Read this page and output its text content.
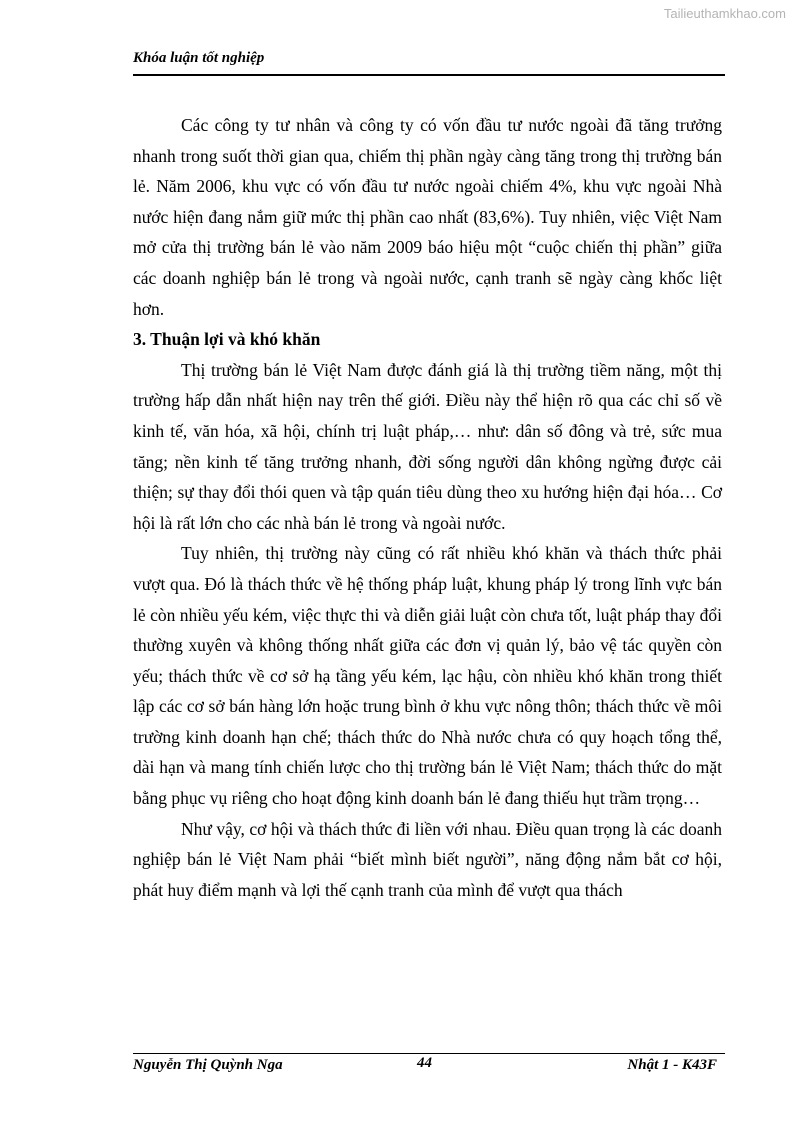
Tailieuthamkhao.com
Khóa luận tốt nghiệp

Các công ty tư nhân và công ty có vốn đầu tư nước ngoài đã tăng trưởng nhanh trong suốt thời gian qua, chiếm thị phần ngày càng tăng trong thị trường bán lẻ. Năm 2006, khu vực có vốn đầu tư nước ngoài chiếm 4%, khu vực ngoài Nhà nước hiện đang nắm giữ mức thị phần cao nhất (83,6%). Tuy nhiên, việc Việt Nam mở cửa thị trường bán lẻ vào năm 2009 báo hiệu một “cuộc chiến thị phần” giữa các doanh nghiệp bán lẻ trong và ngoài nước, cạnh tranh sẽ ngày càng khốc liệt hơn.

3. Thuận lợi và khó khăn

Thị trường bán lẻ Việt Nam được đánh giá là thị trường tiềm năng, một thị trường hấp dẫn nhất hiện nay trên thế giới. Điều này thể hiện rõ qua các chỉ số về kinh tế, văn hóa, xã hội, chính trị luật pháp,… như: dân số đông và trẻ, sức mua tăng; nền kinh tế tăng trưởng nhanh, đời sống người dân không ngừng được cải thiện; sự thay đổi thói quen và tập quán tiêu dùng theo xu hướng hiện đại hóa… Cơ hội là rất lớn cho các nhà bán lẻ trong và ngoài nước.

Tuy nhiên, thị trường này cũng có rất nhiều khó khăn và thách thức phải vượt qua. Đó là thách thức về hệ thống pháp luật, khung pháp lý trong lĩnh vực bán lẻ còn nhiều yếu kém, việc thực thi và diễn giải luật còn chưa tốt, luật pháp thay đổi thường xuyên và không thống nhất giữa các đơn vị quản lý, bảo vệ tác quyền còn yếu; thách thức về cơ sở hạ tầng yếu kém, lạc hậu, còn nhiều khó khăn trong thiết lập các cơ sở bán hàng lớn hoặc trung bình ở khu vực nông thôn; thách thức về môi trường kinh doanh hạn chế; thách thức do Nhà nước chưa có quy hoạch tổng thể, dài hạn và mang tính chiến lược cho thị trường bán lẻ Việt Nam; thách thức do mặt bằng phục vụ riêng cho hoạt động kinh doanh bán lẻ đang thiếu hụt trầm trọng…

Như vậy, cơ hội và thách thức đi liền với nhau. Điều quan trọng là các doanh nghiệp bán lẻ Việt Nam phải “biết mình biết người”, năng động nắm bắt cơ hội, phát huy điểm mạnh và lợi thế cạnh tranh của mình để vượt qua thách

Nguyễn Thị Quỳnh Nga	44	Nhật 1 - K43F
